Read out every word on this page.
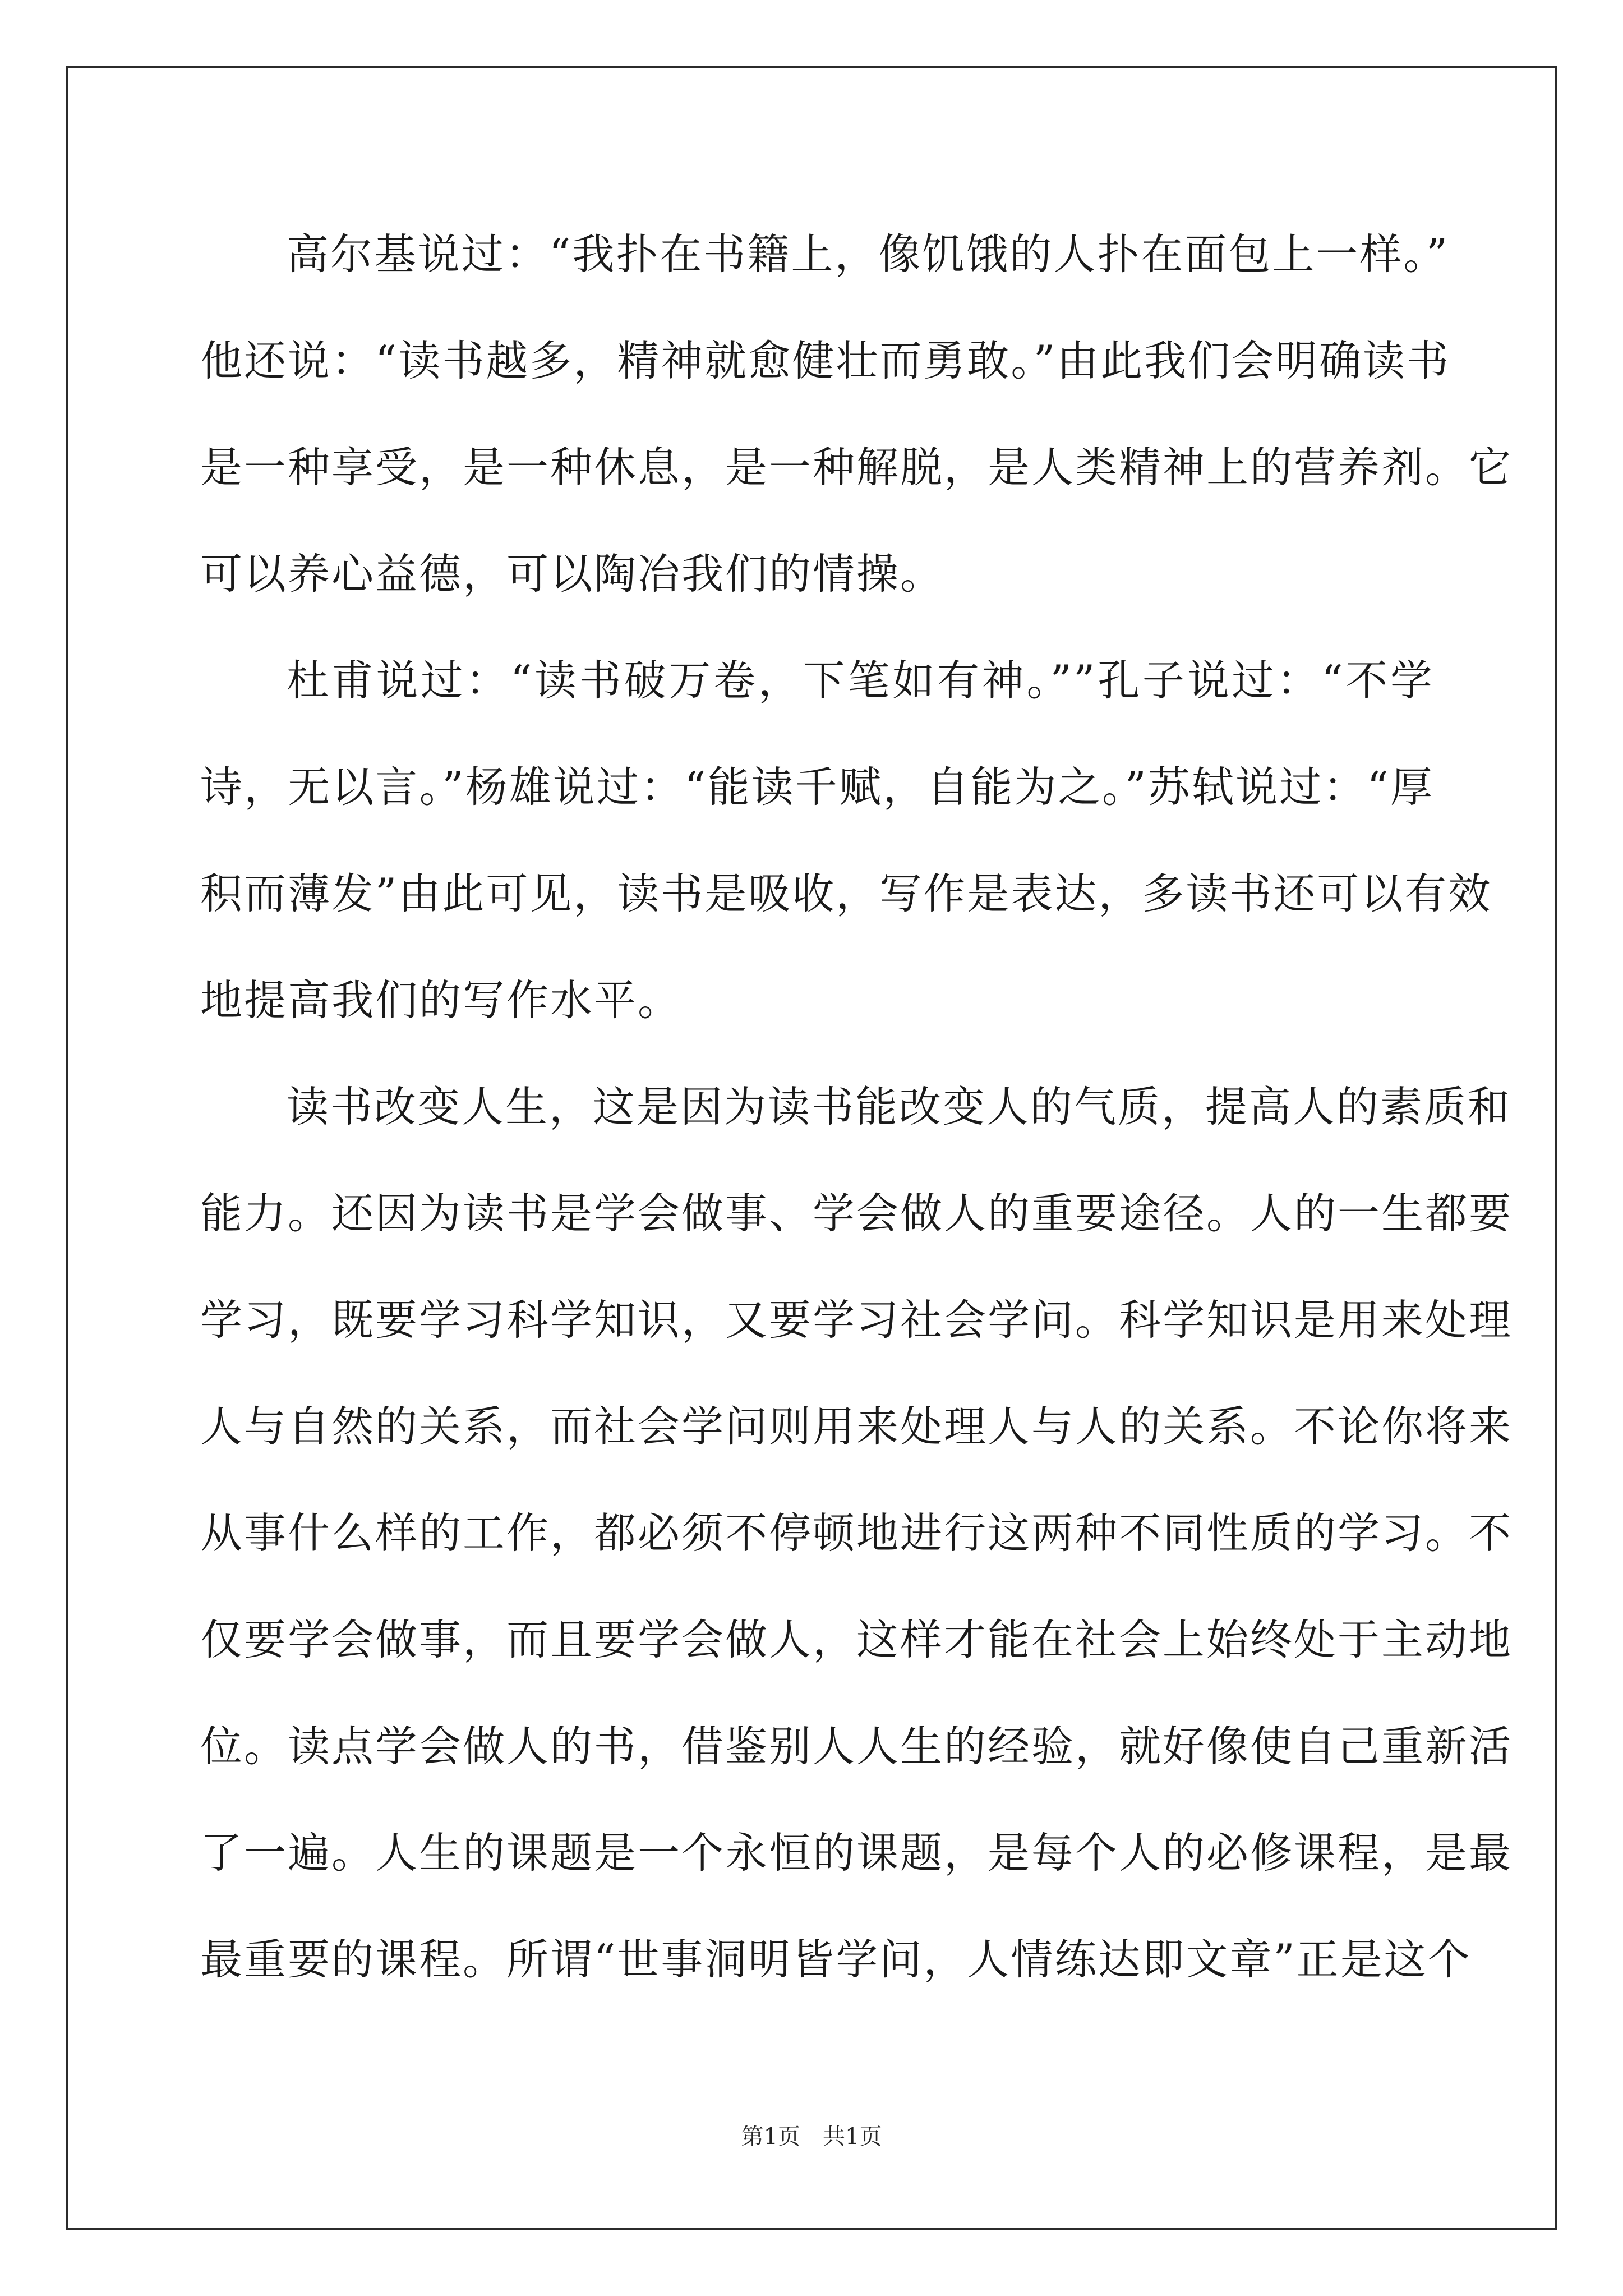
高尔基说过：“我扑在书籍上，像饥饿的人扑在面包上一样。”
他还说：“读书越多，精神就愈健壮而勇敢。”由此我们会明确读书
是一种享受，是一种休息，是一种解脱，是人类精神上的营养剂。它
可以养心益德，可以陶冶我们的情操。
杜甫说过：“读书破万卷，下笔如有神。””孔子说过：“不学
诗，无以言。”杨雄说过：“能读千赋，自能为之。”苏轼说过：“厚
积而薄发”由此可见，读书是吸收，写作是表达，多读书还可以有效
地提高我们的写作水平。
读书改变人生，这是因为读书能改变人的气质，提高人的素质和
能力。还因为读书是学会做事、学会做人的重要途径。人的一生都要
学习，既要学习科学知识，又要学习社会学问。科学知识是用来处理
人与自然的关系，而社会学问则用来处理人与人的关系。不论你将来
从事什么样的工作，都必须不停顿地进行这两种不同性质的学习。不
仅要学会做事，而且要学会做人，这样才能在社会上始终处于主动地
位。读点学会做人的书，借鉴别人人生的经验，就好像使自己重新活
了一遍。人生的课题是一个永恒的课题，是每个人的必修课程，是最
最重要的课程。所谓“世事洞明皆学问，人情练达即文章”正是这个
第1页 共1页
